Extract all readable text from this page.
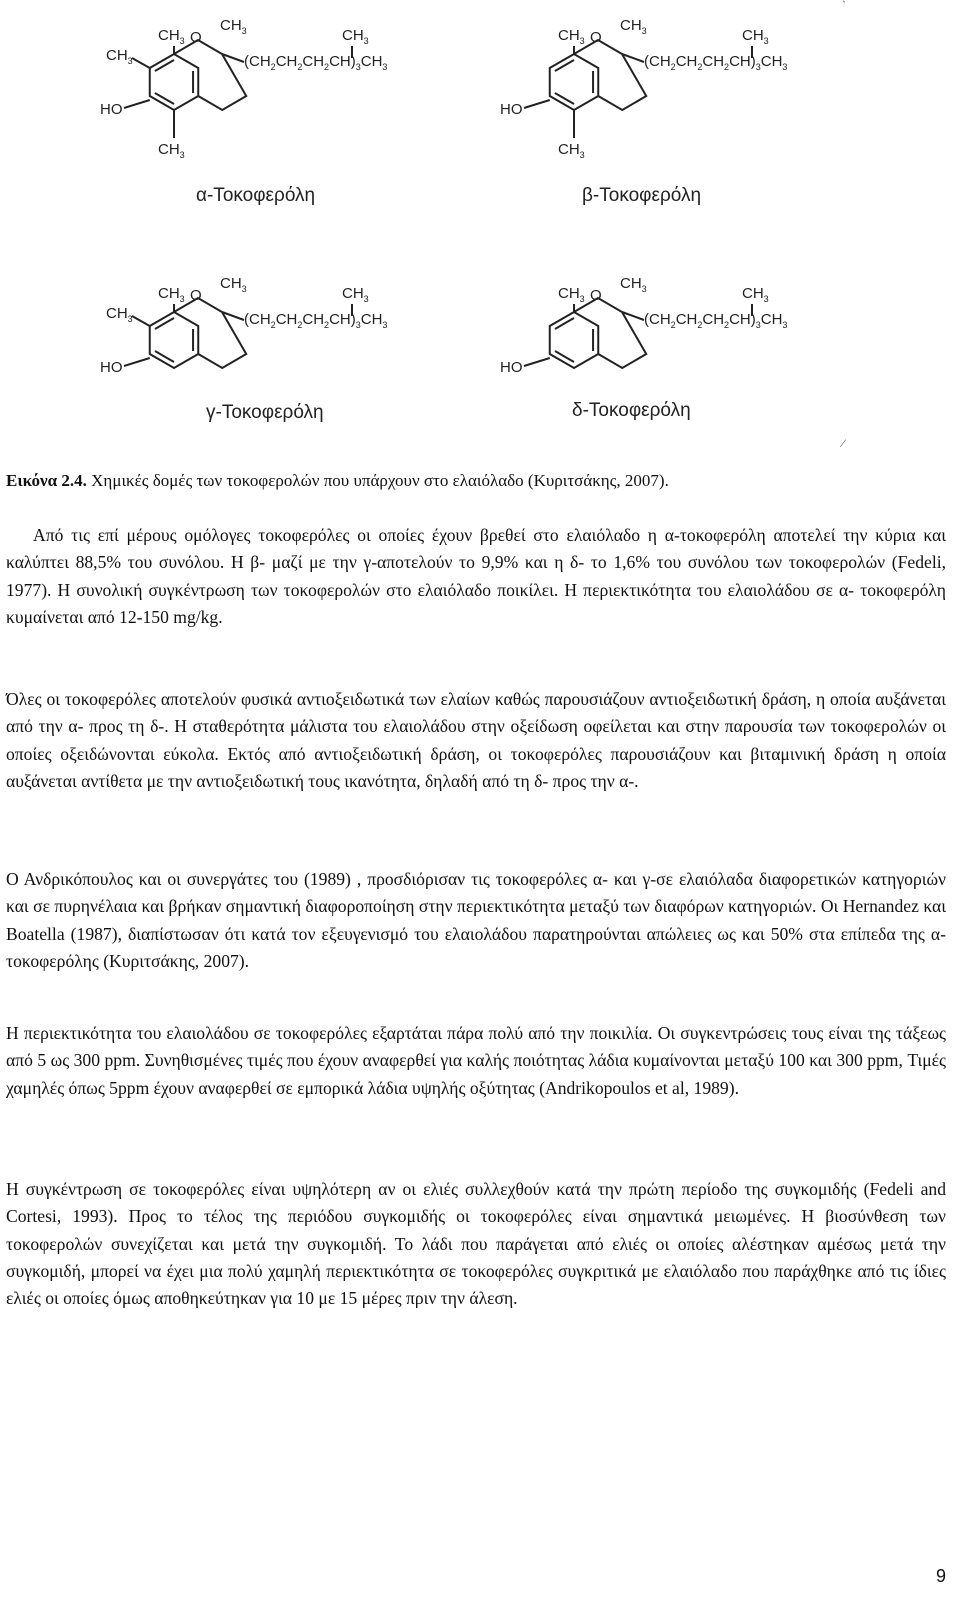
O
$(CH_2CH_2CH_2CH)_3CH_3$
$CH_3$	$CH_3$
HO
$CH_3$
$CH_3$
$CH_3$
O
$(CH_2CH_2CH_2CH)_3CH_3$
$CH_3$	$CH_3$
HO
$CH_3$
$CH_3$
O
$(CH_2CH_2CH_2CH)_3CH_3$
$CH_3$	$CH_3$
HO
$CH_3$
$CH_3$
O
$(CH_2CH_2CH_2CH)_3CH_3$
$CH_3$	$CH_3$
HO
$CH_3$
α-Τοκοφερόλη	β-Τοκοφερόλη
γ-Τοκοφερόλη	δ-Τοκοφερόλη
`
⁄
Εικόνα 2.4. Χημικές δομές των τοκοφερολών που υπάρχουν στο ελαιόλαδο (Κυριτσάκης, 2007).

Από τις επί μέρους ομόλογες τοκοφερόλες οι οποίες έχουν βρεθεί στο ελαιόλαδο η α-τοκοφερόλη αποτελεί την κύρια και καλύπτει 88,5% του συνόλου. Η β- μαζί με την γ-αποτελούν το 9,9% και η δ- το 1,6% του συνόλου των τοκοφερολών (Fedeli, 1977). Η συνολική συγκέντρωση των τοκοφερολών στο ελαιόλαδο ποικίλει. Η περιεκτικότητα του ελαιολάδου σε α- τοκοφερόλη κυμαίνεται από 12-150 mg/kg.

Όλες οι τοκοφερόλες αποτελούν φυσικά αντιοξειδωτικά των ελαίων καθώς παρουσιάζουν αντιοξειδωτική δράση, η οποία αυξάνεται από την α- προς τη δ-. Η σταθερότητα μάλιστα του ελαιολάδου στην οξείδωση οφείλεται και στην παρουσία των τοκοφερολών οι οποίες οξειδώνονται εύκολα. Εκτός από αντιοξειδωτική δράση, οι τοκοφερόλες παρουσιάζουν και βιταμινική δράση η οποία αυξάνεται αντίθετα με την αντιοξειδωτική τους ικανότητα, δηλαδή από τη δ- προς την α-.

Ο Ανδρικόπουλος και οι συνεργάτες του (1989) , προσδιόρισαν τις τοκοφερόλες α- και γ-σε ελαιόλαδα διαφορετικών κατηγοριών και σε πυρηνέλαια και βρήκαν σημαντική διαφοροποίηση στην περιεκτικότητα μεταξύ των διαφόρων κατηγοριών. Οι Hernandez και Boatella (1987), διαπίστωσαν ότι κατά τον εξευγενισμό του ελαιολάδου παρατηρούνται απώλειες ως και 50% στα επίπεδα της α- τοκοφερόλης (Κυριτσάκης, 2007).

Η περιεκτικότητα του ελαιολάδου σε τοκοφερόλες εξαρτάται πάρα πολύ από την ποικιλία. Οι συγκεντρώσεις τους είναι της τάξεως από 5 ως 300 ppm. Συνηθισμένες τιμές που έχουν αναφερθεί για καλής ποιότητας λάδια κυμαίνονται μεταξύ 100 και 300 ppm, Τιμές χαμηλές όπως 5ppm έχουν αναφερθεί σε εμπορικά λάδια υψηλής οξύτητας (Andrikopoulos et al, 1989).

Η συγκέντρωση σε τοκοφερόλες είναι υψηλότερη αν οι ελιές συλλεχθούν κατά την πρώτη περίοδο της συγκομιδής (Fedeli and Cortesi, 1993). Προς το τέλος της περιόδου συγκομιδής οι τοκοφερόλες είναι σημαντικά μειωμένες. Η βιοσύνθεση των τοκοφερολών συνεχίζεται και μετά την συγκομιδή. Το λάδι που παράγεται από ελιές οι οποίες αλέστηκαν αμέσως μετά την συγκομιδή, μπορεί να έχει μια πολύ χαμηλή περιεκτικότητα σε τοκοφερόλες συγκριτικά με ελαιόλαδο που παράχθηκε από τις ίδιες ελιές οι οποίες όμως αποθηκεύτηκαν για 10 με 15 μέρες πριν την άλεση.

9
